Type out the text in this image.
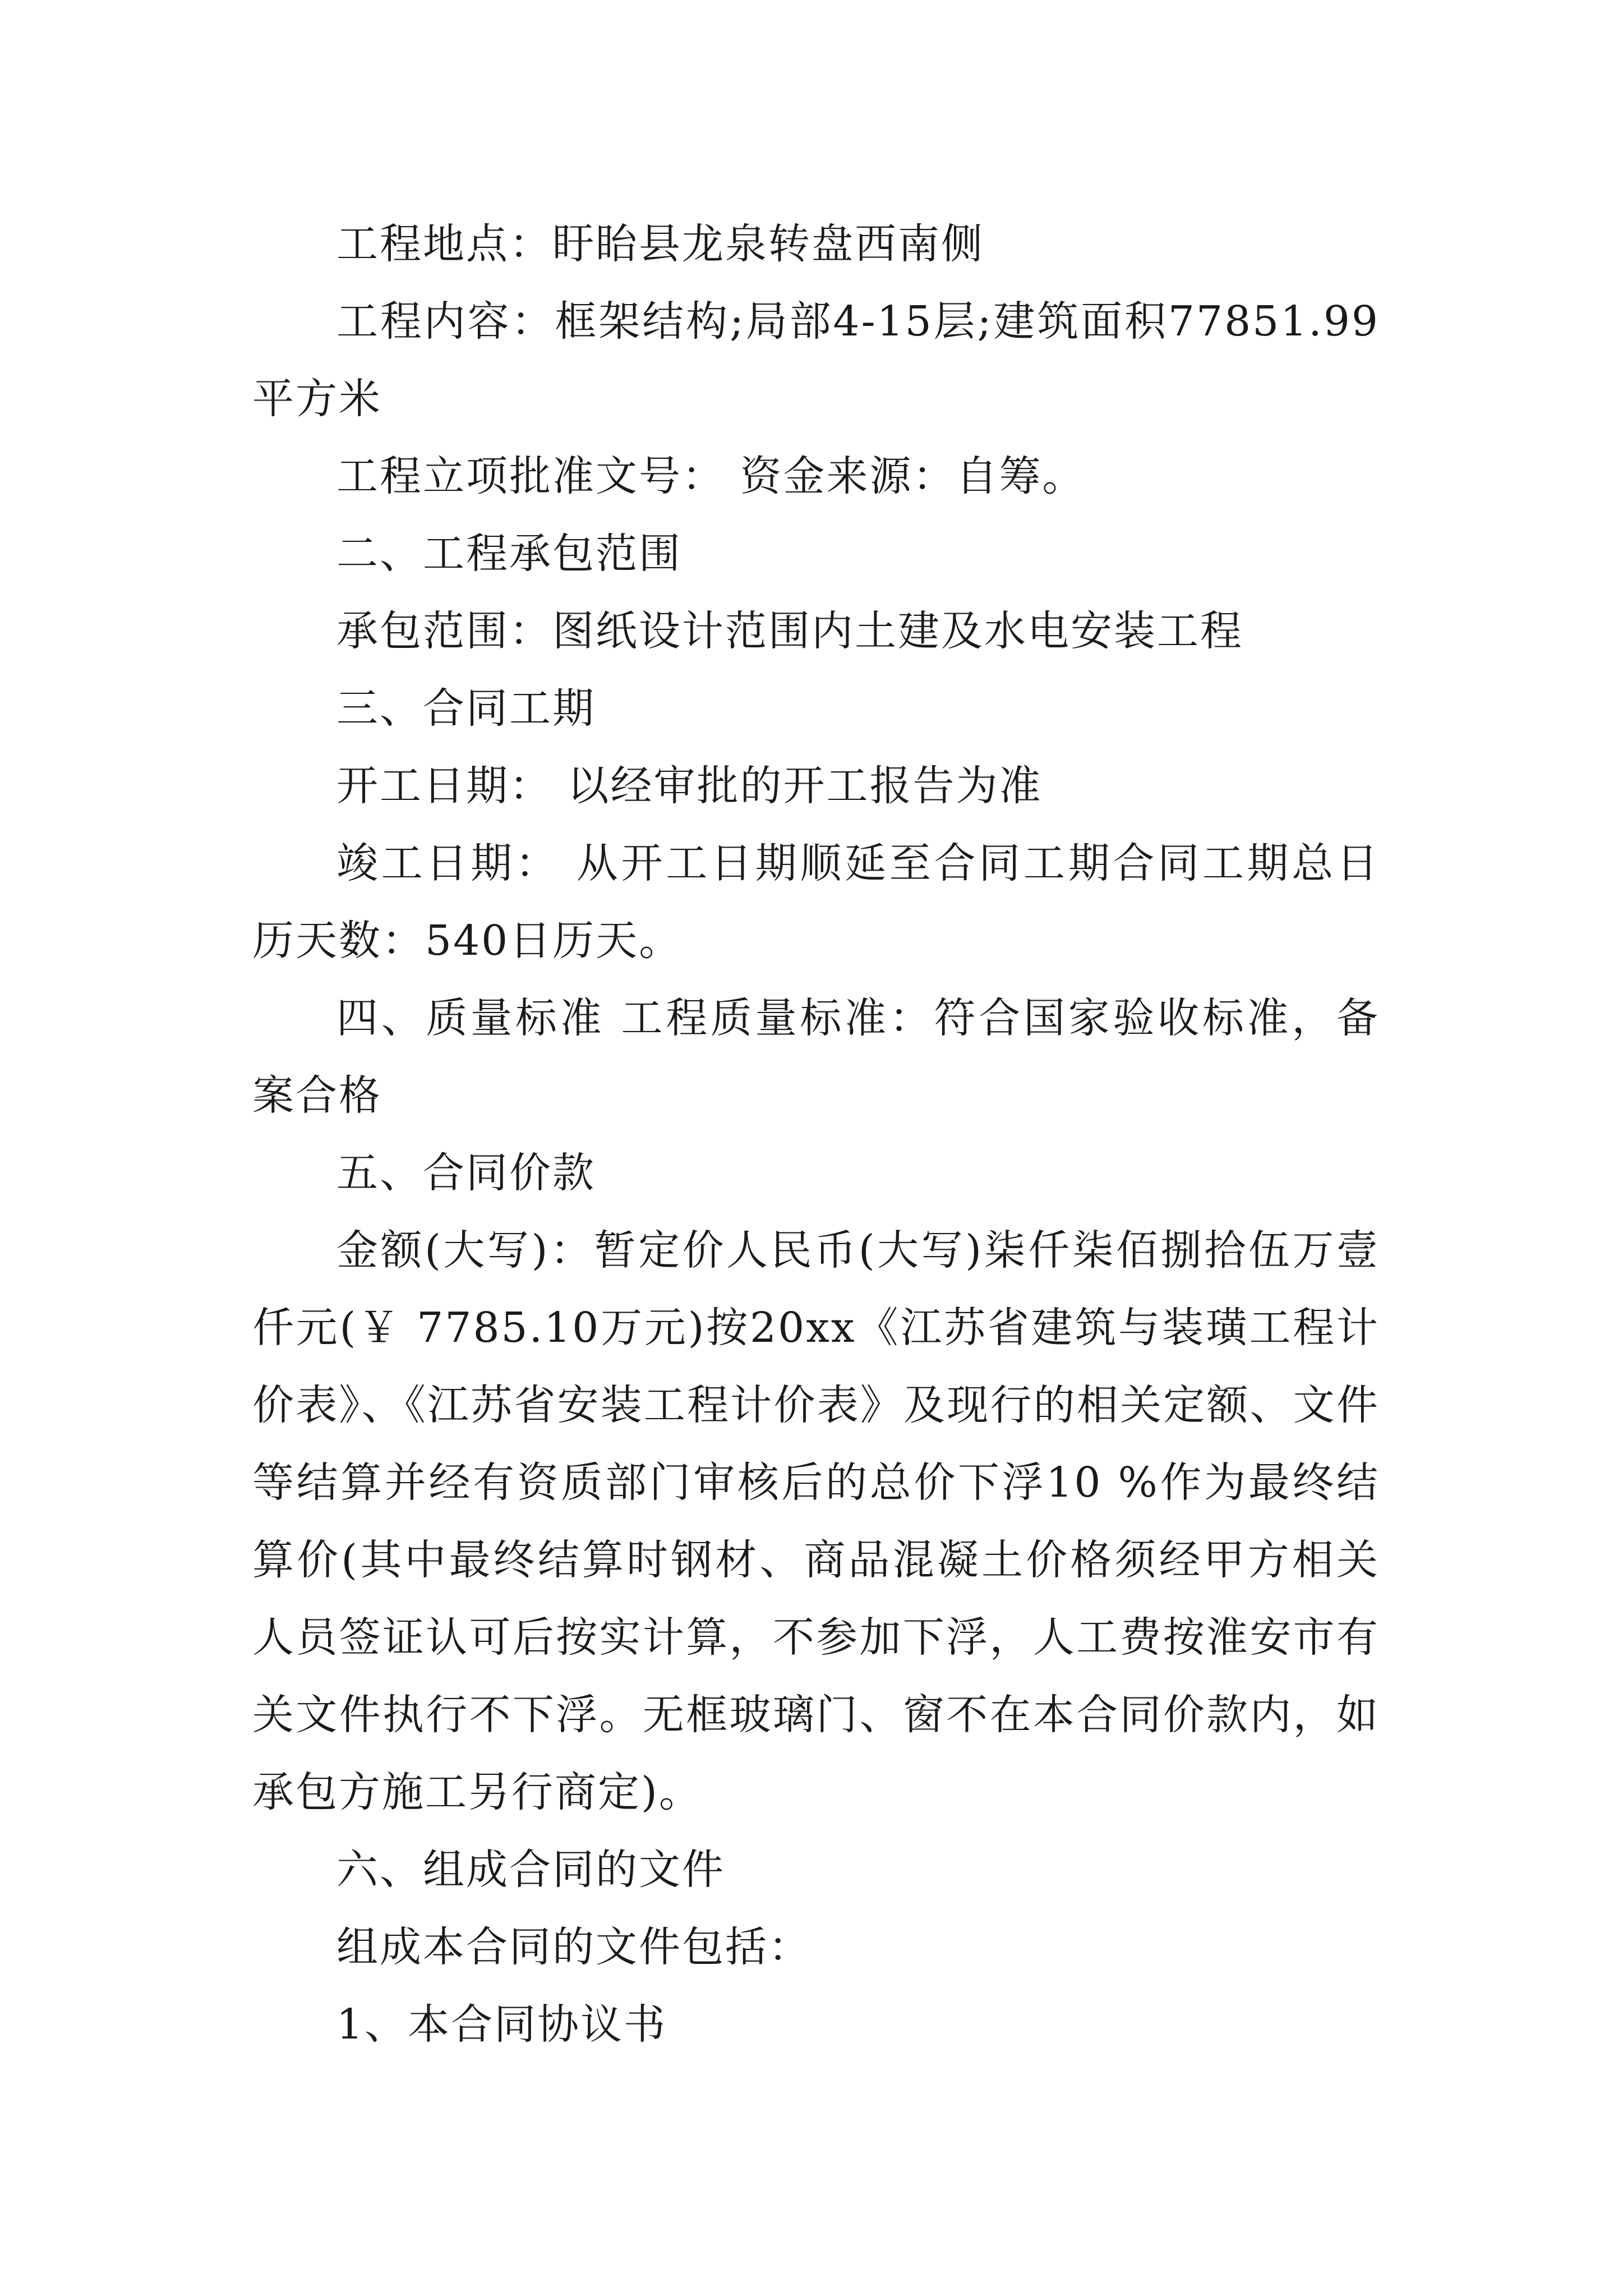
工程地点：盱眙县龙泉转盘西南侧

工程内容：框架结构;局部4-15层;建筑面积77851.99平方米

工程立项批准文号： 资金来源：自筹。

二、工程承包范围

承包范围：图纸设计范围内土建及水电安装工程

三、合同工期

开工日期： 以经审批的开工报告为准

竣工日期： 从开工日期顺延至合同工期合同工期总日历天数：540日历天。

四、质量标准 工程质量标准：符合国家验收标准，备案合格

五、合同价款

金额(大写)：暂定价人民币(大写)柒仟柒佰捌拾伍万壹仟元(￥ 7785.10万元)按20xx《江苏省建筑与装璜工程计价表》、《江苏省安装工程计价表》及现行的相关定额、文件等结算并经有资质部门审核后的总价下浮10 %作为最终结算价(其中最终结算时钢材、商品混凝土价格须经甲方相关人员签证认可后按实计算，不参加下浮，人工费按淮安市有关文件执行不下浮。无框玻璃门、窗不在本合同价款内，如承包方施工另行商定)。

六、组成合同的文件

组成本合同的文件包括：

1、本合同协议书
